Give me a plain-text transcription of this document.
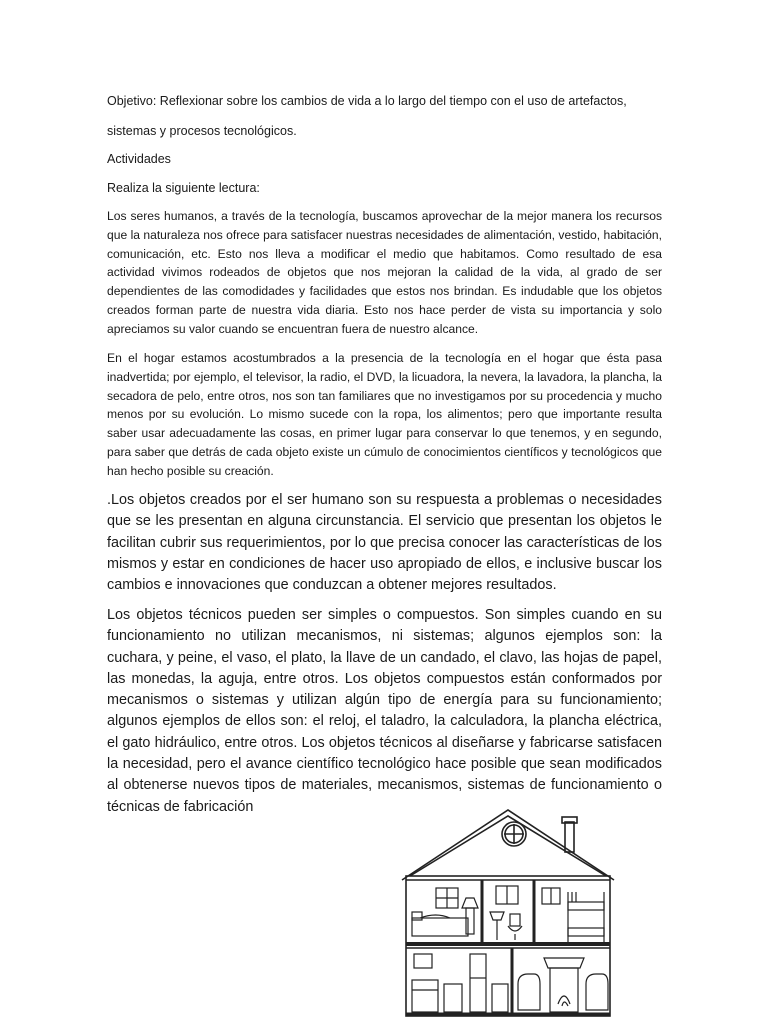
Objetivo: Reflexionar sobre los cambios de vida a lo largo del tiempo con el uso de artefactos,
sistemas y procesos tecnológicos.
Actividades
Realiza la siguiente lectura:

Los seres humanos, a través de la tecnología, buscamos aprovechar de la mejor manera los recursos que la naturaleza nos ofrece para satisfacer nuestras necesidades de alimentación, vestido, habitación, comunicación, etc. Esto nos lleva a modificar el medio que habitamos. Como resultado de esa actividad vivimos rodeados de objetos que nos mejoran la calidad de la vida, al grado de ser dependientes de las comodidades y facilidades que estos nos brindan. Es indudable que los objetos creados forman parte de nuestra vida diaria. Esto nos hace perder de vista su importancia y solo apreciamos su valor cuando se encuentran fuera de nuestro alcance.

En el hogar estamos acostumbrados a la presencia de la tecnología en el hogar que ésta pasa inadvertida; por ejemplo, el televisor, la radio, el DVD, la licuadora, la nevera, la lavadora, la plancha, la secadora de pelo, entre otros, nos son tan familiares que no investigamos por su procedencia y mucho menos por su evolución. Lo mismo sucede con la ropa, los alimentos; pero que importante resulta saber usar adecuadamente las cosas, en primer lugar para conservar lo que tenemos, y en segundo, para saber que detrás de cada objeto existe un cúmulo de conocimientos científicos y tecnológicos que han hecho posible su creación.

.Los objetos creados por el ser humano son su respuesta a problemas o necesidades que se les presentan en alguna circunstancia. El servicio que presentan los objetos le facilitan cubrir sus requerimientos, por lo que precisa conocer las características de los mismos y estar en condiciones de hacer uso apropiado de ellos, e inclusive buscar los cambios e innovaciones que conduzcan a obtener mejores resultados.

Los objetos técnicos pueden ser simples o compuestos. Son simples cuando en su funcionamiento no utilizan mecanismos, ni sistemas; algunos ejemplos son: la cuchara, y peine, el vaso, el plato, la llave de un candado, el clavo, las hojas de papel, las monedas, la aguja, entre otros. Los objetos compuestos están conformados por mecanismos o sistemas y utilizan algún tipo de energía para su funcionamiento; algunos ejemplos de ellos son: el reloj, el taladro, la calculadora, la plancha eléctrica, el gato hidráulico, entre otros. Los objetos técnicos al diseñarse y fabricarse satisfacen la necesidad, pero el avance científico tecnológico hace posible que sean modificados al obtenerse nuevos tipos de materiales, mecanismos, sistemas de funcionamiento o técnicas de fabricación
